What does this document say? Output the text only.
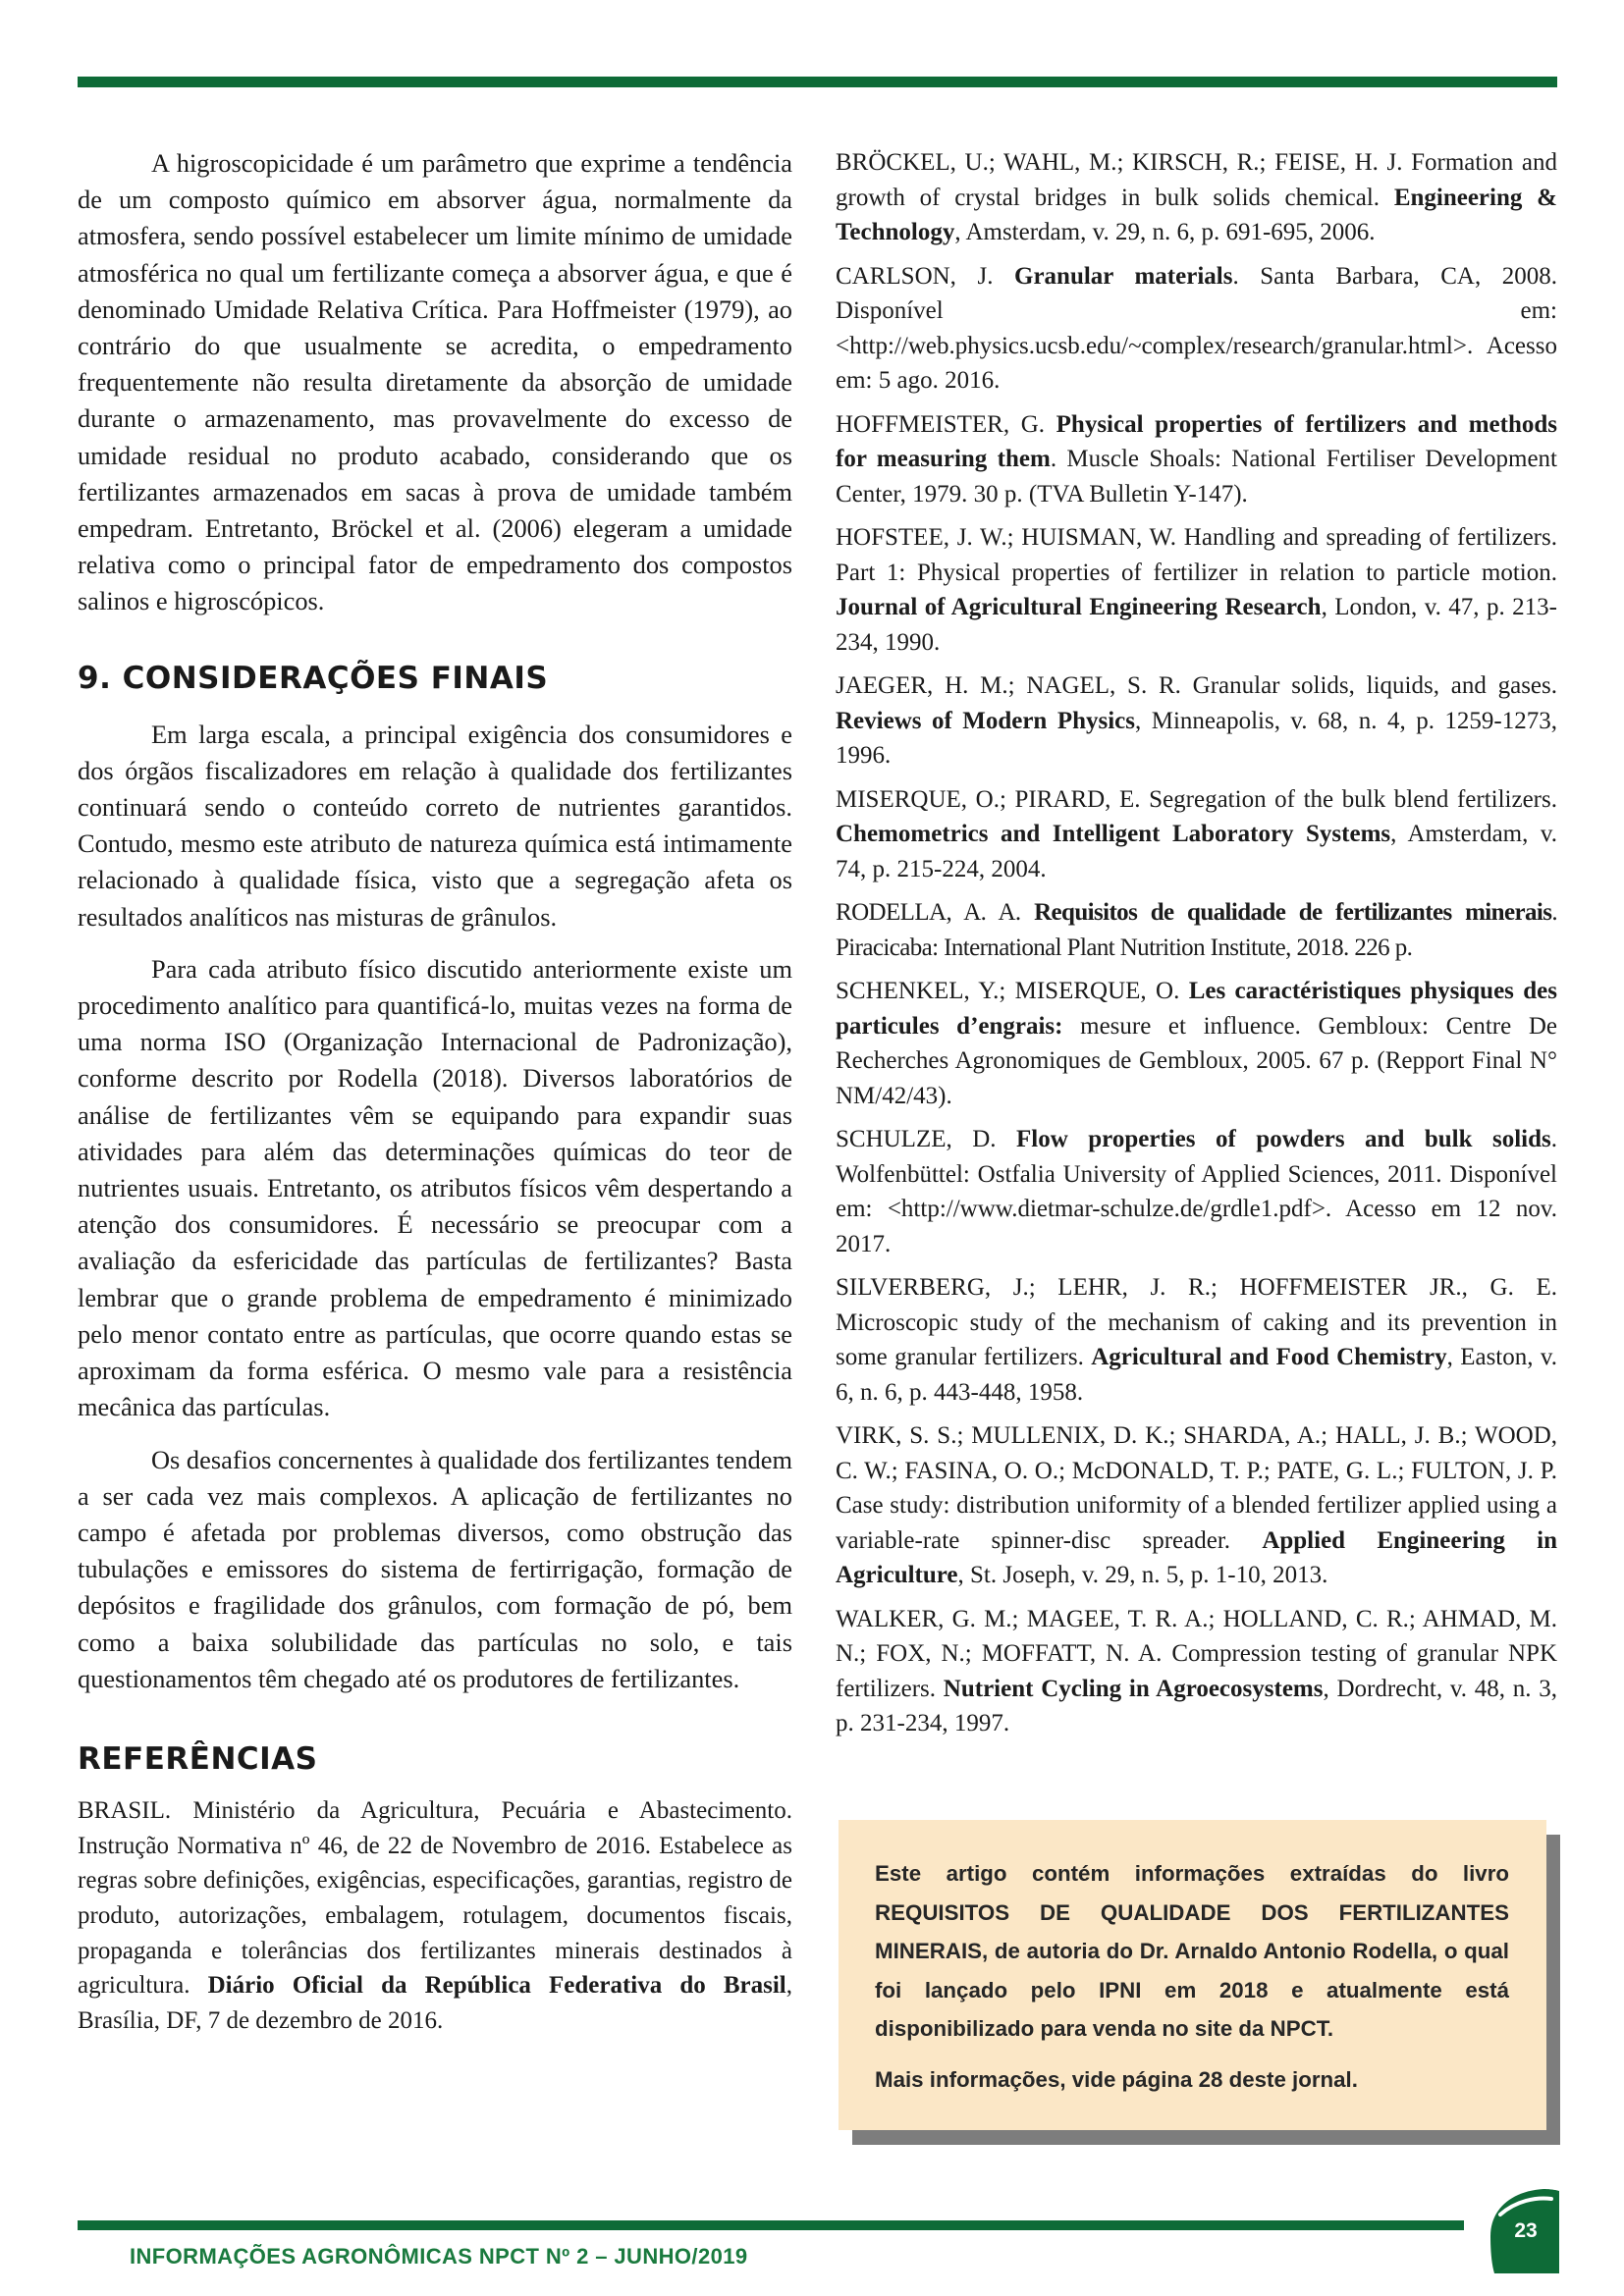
A higroscopicidade é um parâmetro que exprime a tendência de um composto químico em absorver água, normalmente da atmosfera, sendo possível estabelecer um limite mínimo de umidade atmosférica no qual um fertilizante começa a absorver água, e que é denominado Umidade Relativa Crítica. Para Hoffmeister (1979), ao contrário do que usualmente se acredita, o empedramento frequentemente não resulta diretamente da absorção de umidade durante o armazenamento, mas provavelmente do excesso de umidade residual no produto acabado, considerando que os fertilizantes armazenados em sacas à prova de umidade também empedram. Entretanto, Bröckel et al. (2006) elegeram a umidade relativa como o principal fator de empedramento dos compostos salinos e higroscópicos.

9. CONSIDERAÇÕES FINAIS

Em larga escala, a principal exigência dos consumidores e dos órgãos fiscalizadores em relação à qualidade dos fertilizantes continuará sendo o conteúdo correto de nutrientes garantidos. Contudo, mesmo este atributo de natureza química está intimamente relacionado à qualidade física, visto que a segregação afeta os resultados analíticos nas misturas de grânulos.

Para cada atributo físico discutido anteriormente existe um procedimento analítico para quantificá-lo, muitas vezes na forma de uma norma ISO (Organização Internacional de Padronização), conforme descrito por Rodella (2018). Diversos laboratórios de análise de fertilizantes vêm se equipando para expandir suas atividades para além das determinações químicas do teor de nutrientes usuais. Entretanto, os atributos físicos vêm despertando a atenção dos consumidores. É necessário se preocupar com a avaliação da esfericidade das partículas de fertilizantes? Basta lembrar que o grande problema de empedramento é minimizado pelo menor contato entre as partículas, que ocorre quando estas se aproximam da forma esférica. O mesmo vale para a resistência mecânica das partículas.

Os desafios concernentes à qualidade dos fertilizantes tendem a ser cada vez mais complexos. A aplicação de fertilizantes no campo é afetada por problemas diversos, como obstrução das tubulações e emissores do sistema de fertirrigação, formação de depósitos e fragilidade dos grânulos, com formação de pó, bem como a baixa solubilidade das partículas no solo, e tais questionamentos têm chegado até os produtores de fertilizantes.

REFERÊNCIAS

BRASIL. Ministério da Agricultura, Pecuária e Abastecimento. Instrução Normativa nº 46, de 22 de Novembro de 2016. Estabelece as regras sobre definições, exigências, especificações, garantias, registro de produto, autorizações, embalagem, rotulagem, documentos fiscais, propaganda e tolerâncias dos fertilizantes minerais destinados à agricultura. Diário Oficial da República Federativa do Brasil, Brasília, DF, 7 de dezembro de 2016.

BRÖCKEL, U.; WAHL, M.; KIRSCH, R.; FEISE, H. J. Formation and growth of crystal bridges in bulk solids chemical. Engineering & Technology, Amsterdam, v. 29, n. 6, p. 691-695, 2006.

CARLSON, J. Granular materials. Santa Barbara, CA, 2008. Disponível em: <http://web.physics.ucsb.edu/~complex/research/granular.html>. Acesso em: 5 ago. 2016.

HOFFMEISTER, G. Physical properties of fertilizers and methods for measuring them. Muscle Shoals: National Fertiliser Development Center, 1979. 30 p. (TVA Bulletin Y-147).

HOFSTEE, J. W.; HUISMAN, W. Handling and spreading of fertilizers. Part 1: Physical properties of fertilizer in relation to particle motion. Journal of Agricultural Engineering Research, London, v. 47, p. 213-234, 1990.

JAEGER, H. M.; NAGEL, S. R. Granular solids, liquids, and gases. Reviews of Modern Physics, Minneapolis, v. 68, n. 4, p. 1259-1273, 1996.

MISERQUE, O.; PIRARD, E. Segregation of the bulk blend fertilizers. Chemometrics and Intelligent Laboratory Systems, Amsterdam, v. 74, p. 215-224, 2004.

RODELLA, A. A. Requisitos de qualidade de fertilizantes minerais. Piracicaba: International Plant Nutrition Institute, 2018. 226 p.

SCHENKEL, Y.; MISERQUE, O. Les caractéristiques physiques des particules d’engrais: mesure et influence. Gembloux: Centre De Recherches Agronomiques de Gembloux, 2005. 67 p. (Repport Final N° NM/42/43).

SCHULZE, D. Flow properties of powders and bulk solids. Wolfenbüttel: Ostfalia University of Applied Sciences, 2011. Disponível em: <http://www.dietmar-schulze.de/grdle1.pdf>. Acesso em 12 nov. 2017.

SILVERBERG, J.; LEHR, J. R.; HOFFMEISTER JR., G. E. Microscopic study of the mechanism of caking and its prevention in some granular fertilizers. Agricultural and Food Chemistry, Easton, v. 6, n. 6, p. 443-448, 1958.

VIRK, S. S.; MULLENIX, D. K.; SHARDA, A.; HALL, J. B.; WOOD, C. W.; FASINA, O. O.; McDONALD, T. P.; PATE, G. L.; FULTON, J. P. Case study: distribution uniformity of a blended fertilizer applied using a variable-rate spinner-disc spreader. Applied Engineering in Agriculture, St. Joseph, v. 29, n. 5, p. 1-10, 2013.

WALKER, G. M.; MAGEE, T. R. A.; HOLLAND, C. R.; AHMAD, M. N.; FOX, N.; MOFFATT, N. A. Compression testing of granular NPK fertilizers. Nutrient Cycling in Agroecosystems, Dordrecht, v. 48, n. 3, p. 231-234, 1997.

Este artigo contém informações extraídas do livro REQUISITOS DE QUALIDADE DOS FERTILIZANTES MINERAIS, de autoria do Dr. Arnaldo Antonio Rodella, o qual foi lançado pelo IPNI em 2018 e atualmente está disponibilizado para venda no site da NPCT.

Mais informações, vide página 28 deste jornal.

INFORMAÇÕES AGRONÔMICAS NPCT Nº 2 – JUNHO/2019
23
